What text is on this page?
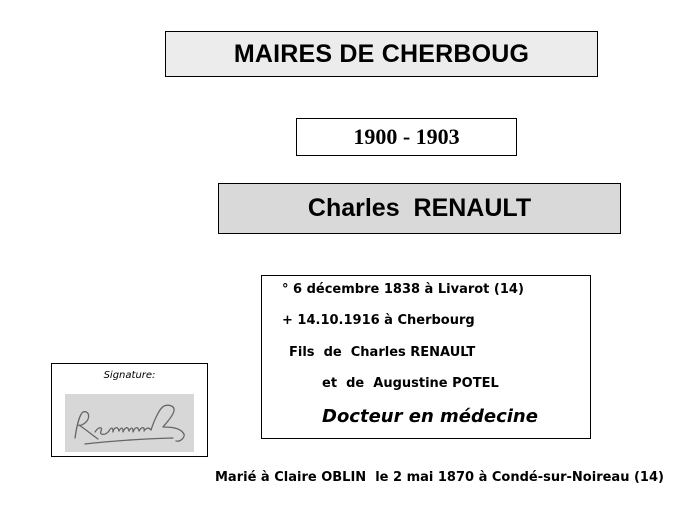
MAIRES DE CHERBOUG
1900 - 1903
Charles  RENAULT
° 6 décembre 1838 à Livarot (14)
+ 14.10.1916 à Cherbourg
Fils  de  Charles RENAULT
et  de  Augustine POTEL
Docteur en médecine
Signature:
Marié à Claire OBLIN  le 2 mai 1870 à Condé-sur-Noireau (14)
